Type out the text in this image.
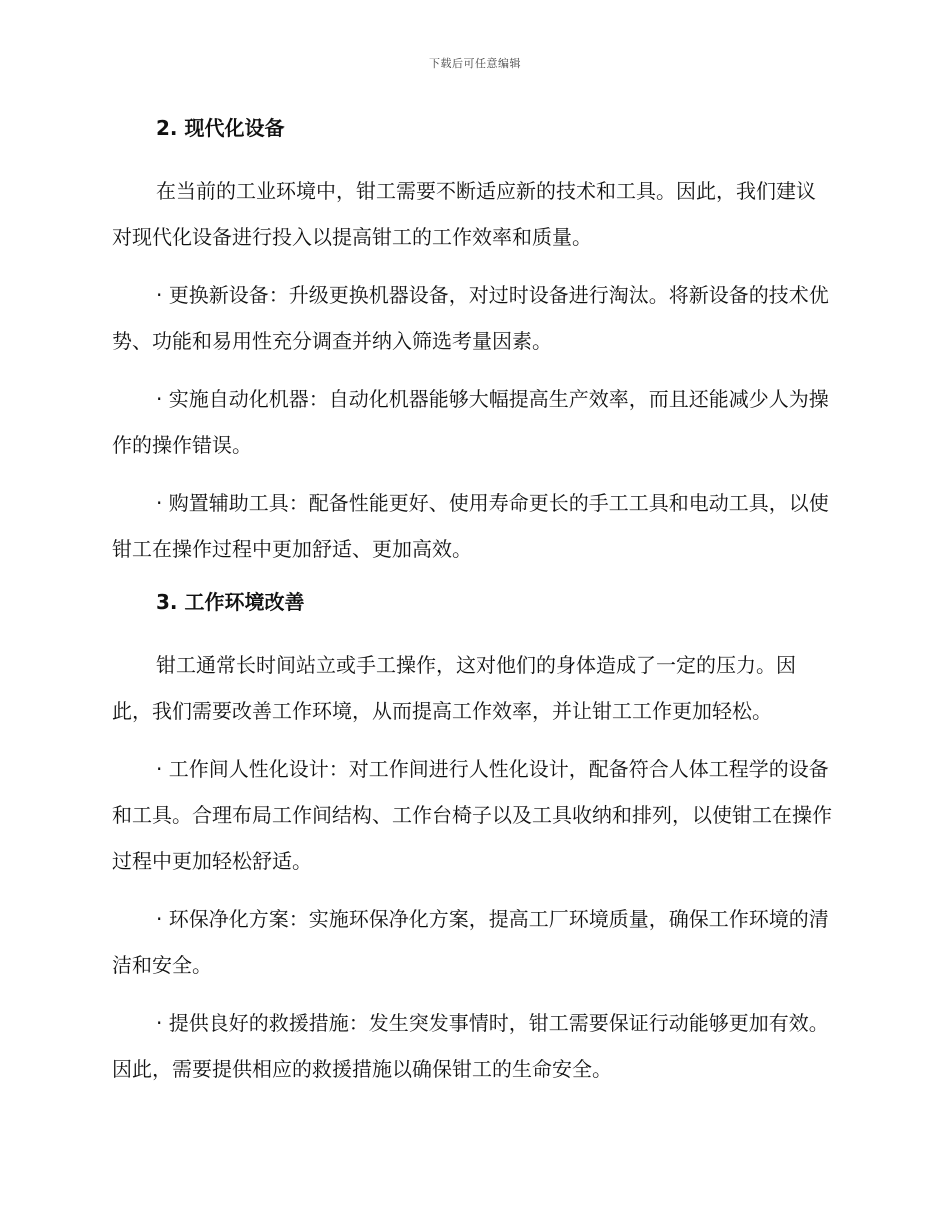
下载后可任意编辑
2. 现代化设备

在当前的工业环境中，钳工需要不断适应新的技术和工具。因此，我们建议对现代化设备进行投入以提高钳工的工作效率和质量。

· 更换新设备：升级更换机器设备，对过时设备进行淘汰。将新设备的技术优势、功能和易用性充分调查并纳入筛选考量因素。

· 实施自动化机器：自动化机器能够大幅提高生产效率，而且还能减少人为操作的操作错误。

· 购置辅助工具：配备性能更好、使用寿命更长的手工工具和电动工具，以使钳工在操作过程中更加舒适、更加高效。

3. 工作环境改善

钳工通常长时间站立或手工操作，这对他们的身体造成了一定的压力。因此，我们需要改善工作环境，从而提高工作效率，并让钳工工作更加轻松。

· 工作间人性化设计：对工作间进行人性化设计，配备符合人体工程学的设备和工具。合理布局工作间结构、工作台椅子以及工具收纳和排列，以使钳工在操作过程中更加轻松舒适。

· 环保净化方案：实施环保净化方案，提高工厂环境质量，确保工作环境的清洁和安全。

· 提供良好的救援措施：发生突发事情时，钳工需要保证行动能够更加有效。因此，需要提供相应的救援措施以确保钳工的生命安全。
